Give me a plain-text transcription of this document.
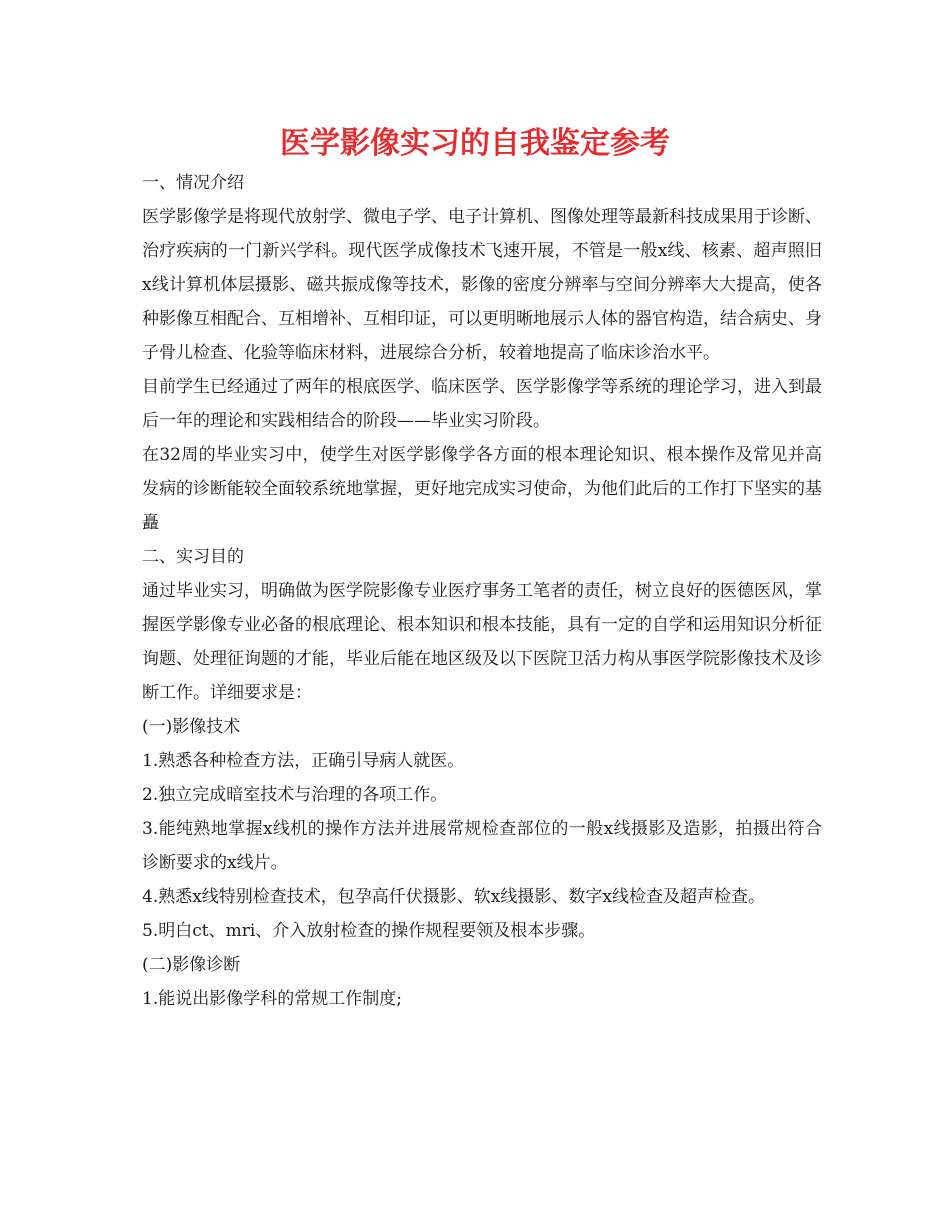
医学影像实习的自我鉴定参考

一、情况介绍

医学影像学是将现代放射学、微电子学、电子计算机、图像处理等最新科技成果用于诊断、治疗疾病的一门新兴学科。现代医学成像技术飞速开展，不管是一般x线、核素、超声照旧x线计算机体层摄影、磁共振成像等技术，影像的密度分辨率与空间分辨率大大提高，使各种影像互相配合、互相增补、互相印证，可以更明晰地展示人体的器官构造，结合病史、身子骨儿检查、化验等临床材料，进展综合分析，较着地提高了临床诊治水平。

目前学生已经通过了两年的根底医学、临床医学、医学影像学等系统的理论学习，进入到最后一年的理论和实践相结合的阶段——毕业实习阶段。

在32周的毕业实习中，使学生对医学影像学各方面的根本理论知识、根本操作及常见并高发病的诊断能较全面较系统地掌握，更好地完成实习使命，为他们此后的工作打下坚实的基矗

二、实习目的

通过毕业实习，明确做为医学院影像专业医疗事务工笔者的责任，树立良好的医德医风，掌握医学影像专业必备的根底理论、根本知识和根本技能，具有一定的自学和运用知识分析征询题、处理征询题的才能，毕业后能在地区级及以下医院卫活力构从事医学院影像技术及诊断工作。详细要求是：

(一)影像技术

1.熟悉各种检查方法，正确引导病人就医。

2.独立完成暗室技术与治理的各项工作。

3.能纯熟地掌握x线机的操作方法并进展常规检查部位的一般x线摄影及造影，拍摄出符合诊断要求的x线片。

4.熟悉x线特别检查技术，包孕高仟伏摄影、软x线摄影、数字x线检查及超声检查。

5.明白ct、mri、介入放射检查的操作规程要领及根本步骤。

(二)影像诊断

1.能说出影像学科的常规工作制度;
